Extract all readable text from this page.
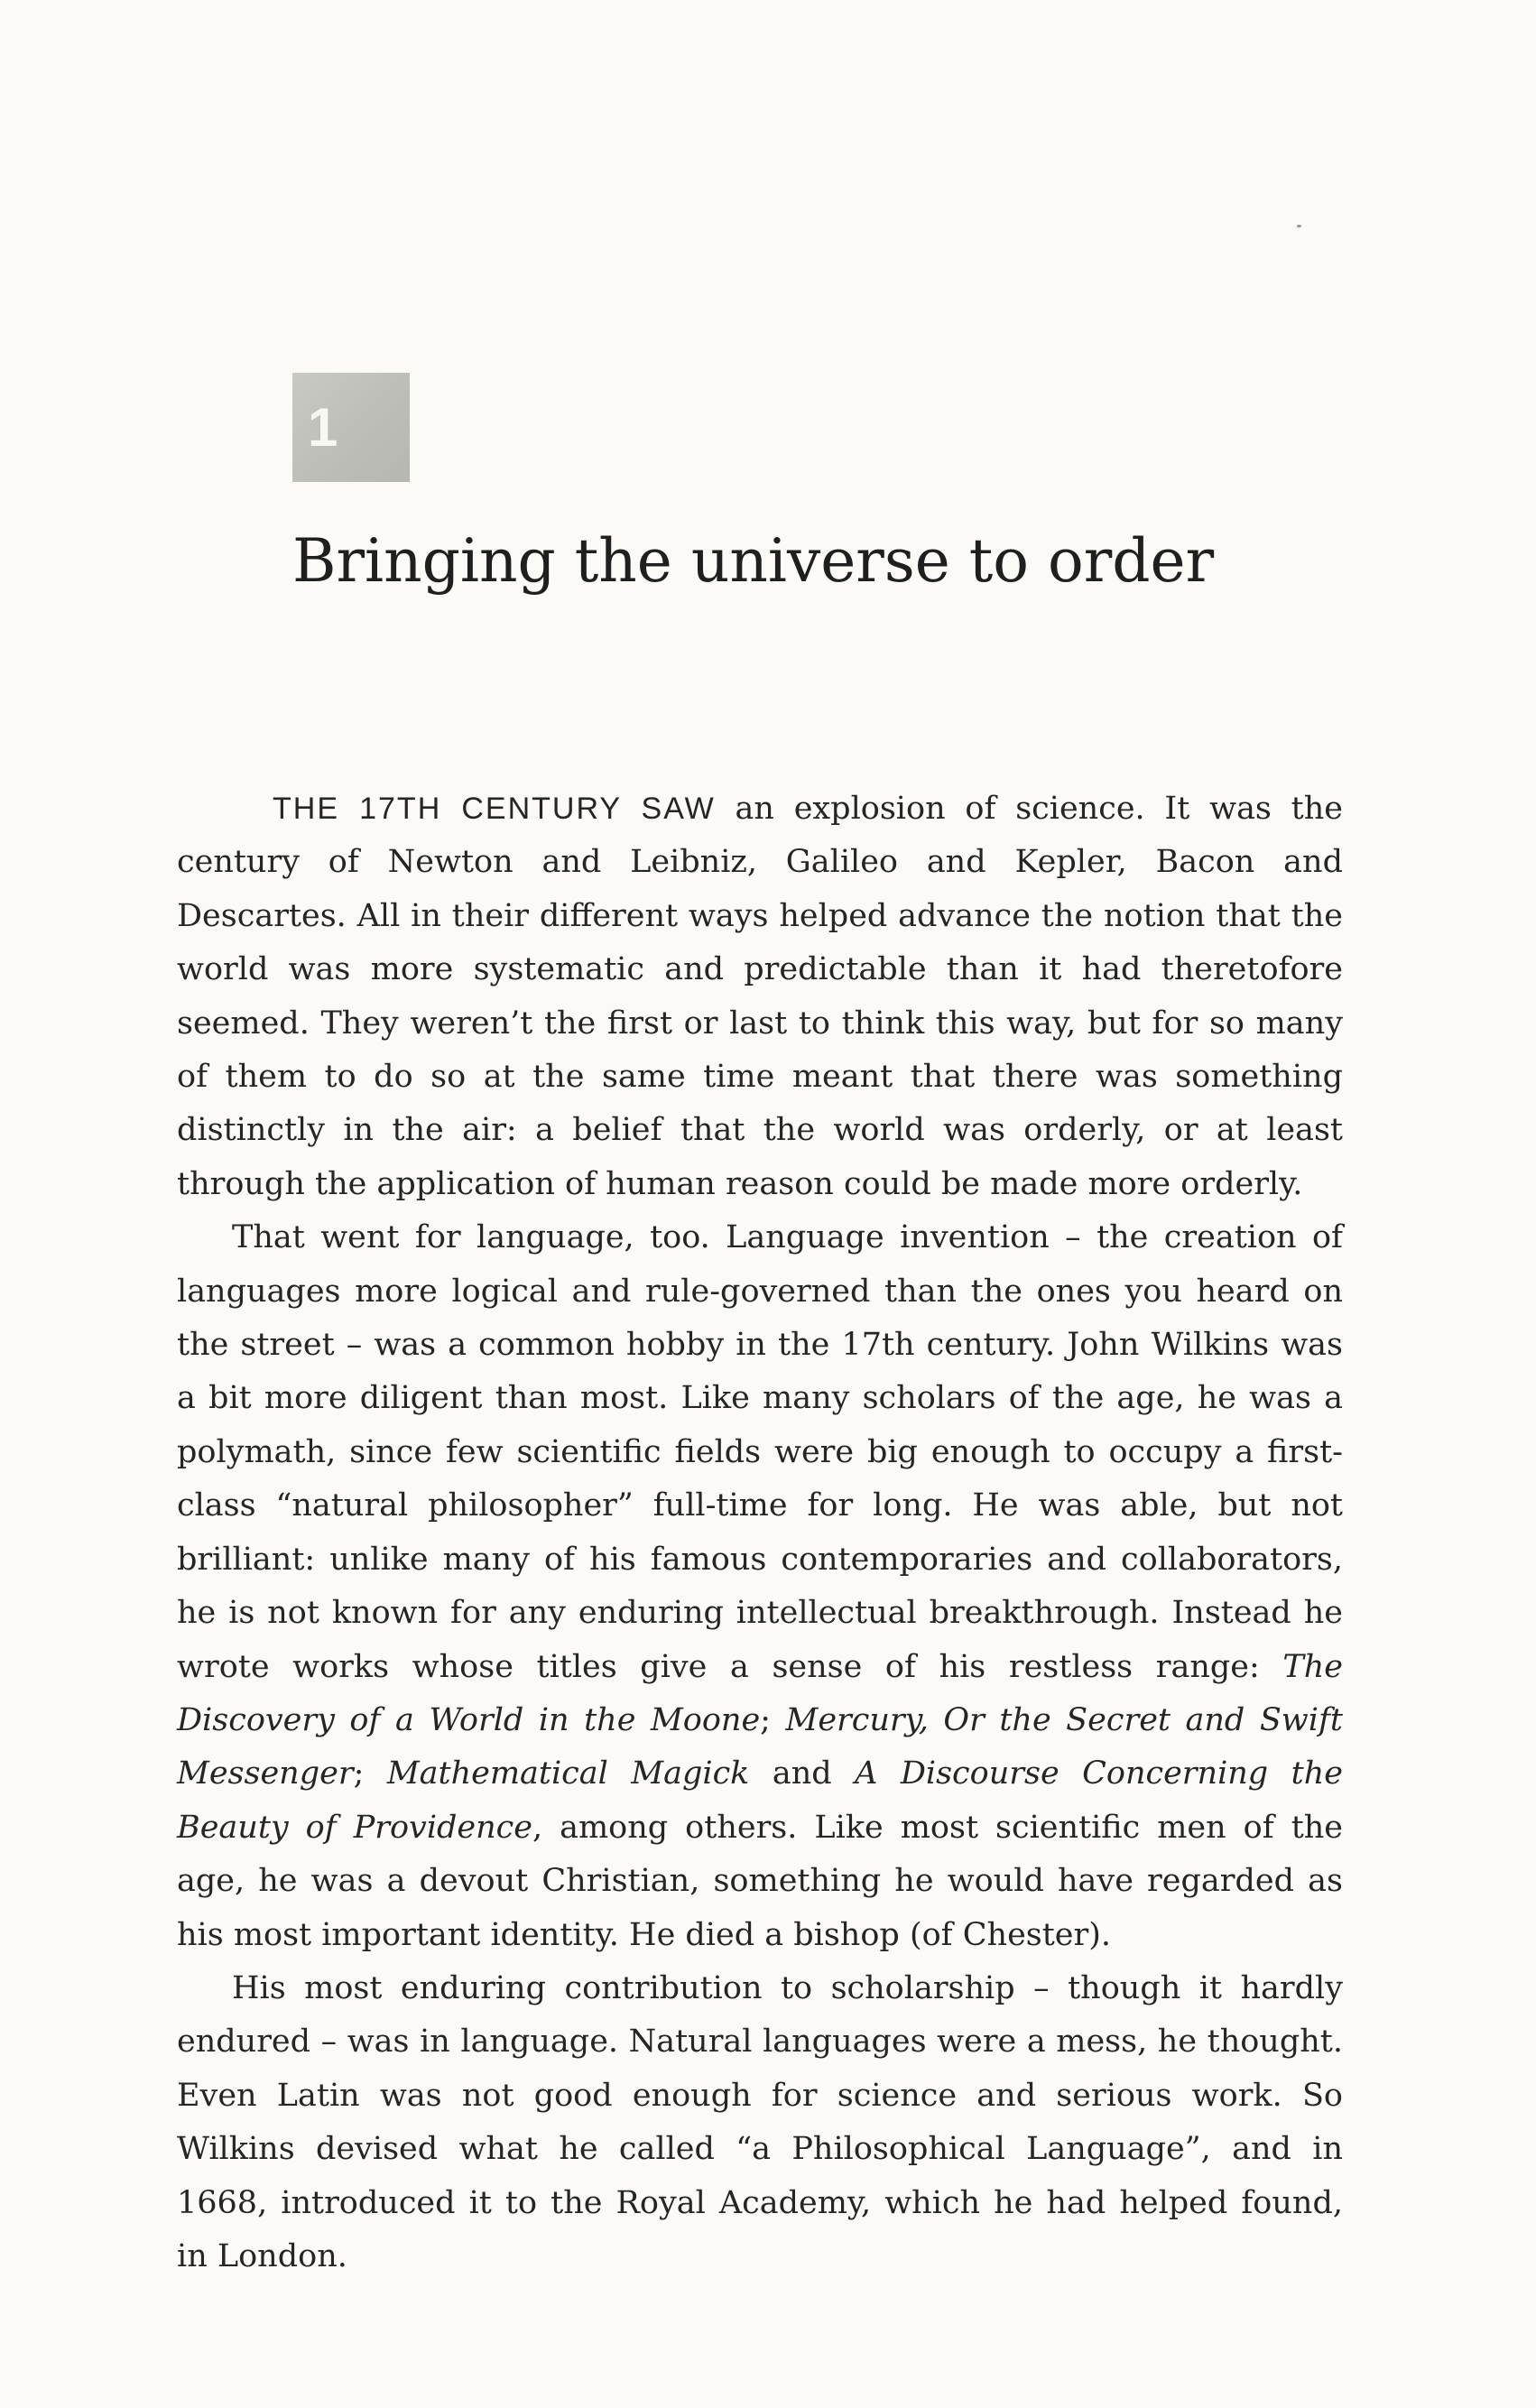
1
Bringing the universe to order

THE 17TH CENTURY SAW an explosion of science. It was the century of Newton and Leibniz, Galileo and Kepler, Bacon and Descartes. All in their different ways helped advance the notion that the world was more systematic and predictable than it had theretofore seemed. They weren’t the first or last to think this way, but for so many of them to do so at the same time meant that there was something distinctly in the air: a belief that the world was orderly, or at least through the application of human reason could be made more orderly.

That went for language, too. Language invention – the creation of languages more logical and rule-governed than the ones you heard on the street – was a common hobby in the 17th century. John Wilkins was a bit more diligent than most. Like many scholars of the age, he was a polymath, since few scientific fields were big enough to occupy a first-class “natural philosopher” full-time for long. He was able, but not brilliant: unlike many of his famous contemporaries and collaborators, he is not known for any enduring intellectual breakthrough. Instead he wrote works whose titles give a sense of his restless range: The Discovery of a World in the Moone; Mercury, Or the Secret and Swift Messenger; Mathematical Magick and A Discourse Concerning the Beauty of Providence, among others. Like most scientific men of the age, he was a devout Christian, something he would have regarded as his most important identity. He died a bishop (of Chester).

His most enduring contribution to scholarship – though it hardly endured – was in language. Natural languages were a mess, he thought. Even Latin was not good enough for science and serious work. So Wilkins devised what he called “a Philosophical Language”, and in 1668, introduced it to the Royal Academy, which he had helped found, in London.
